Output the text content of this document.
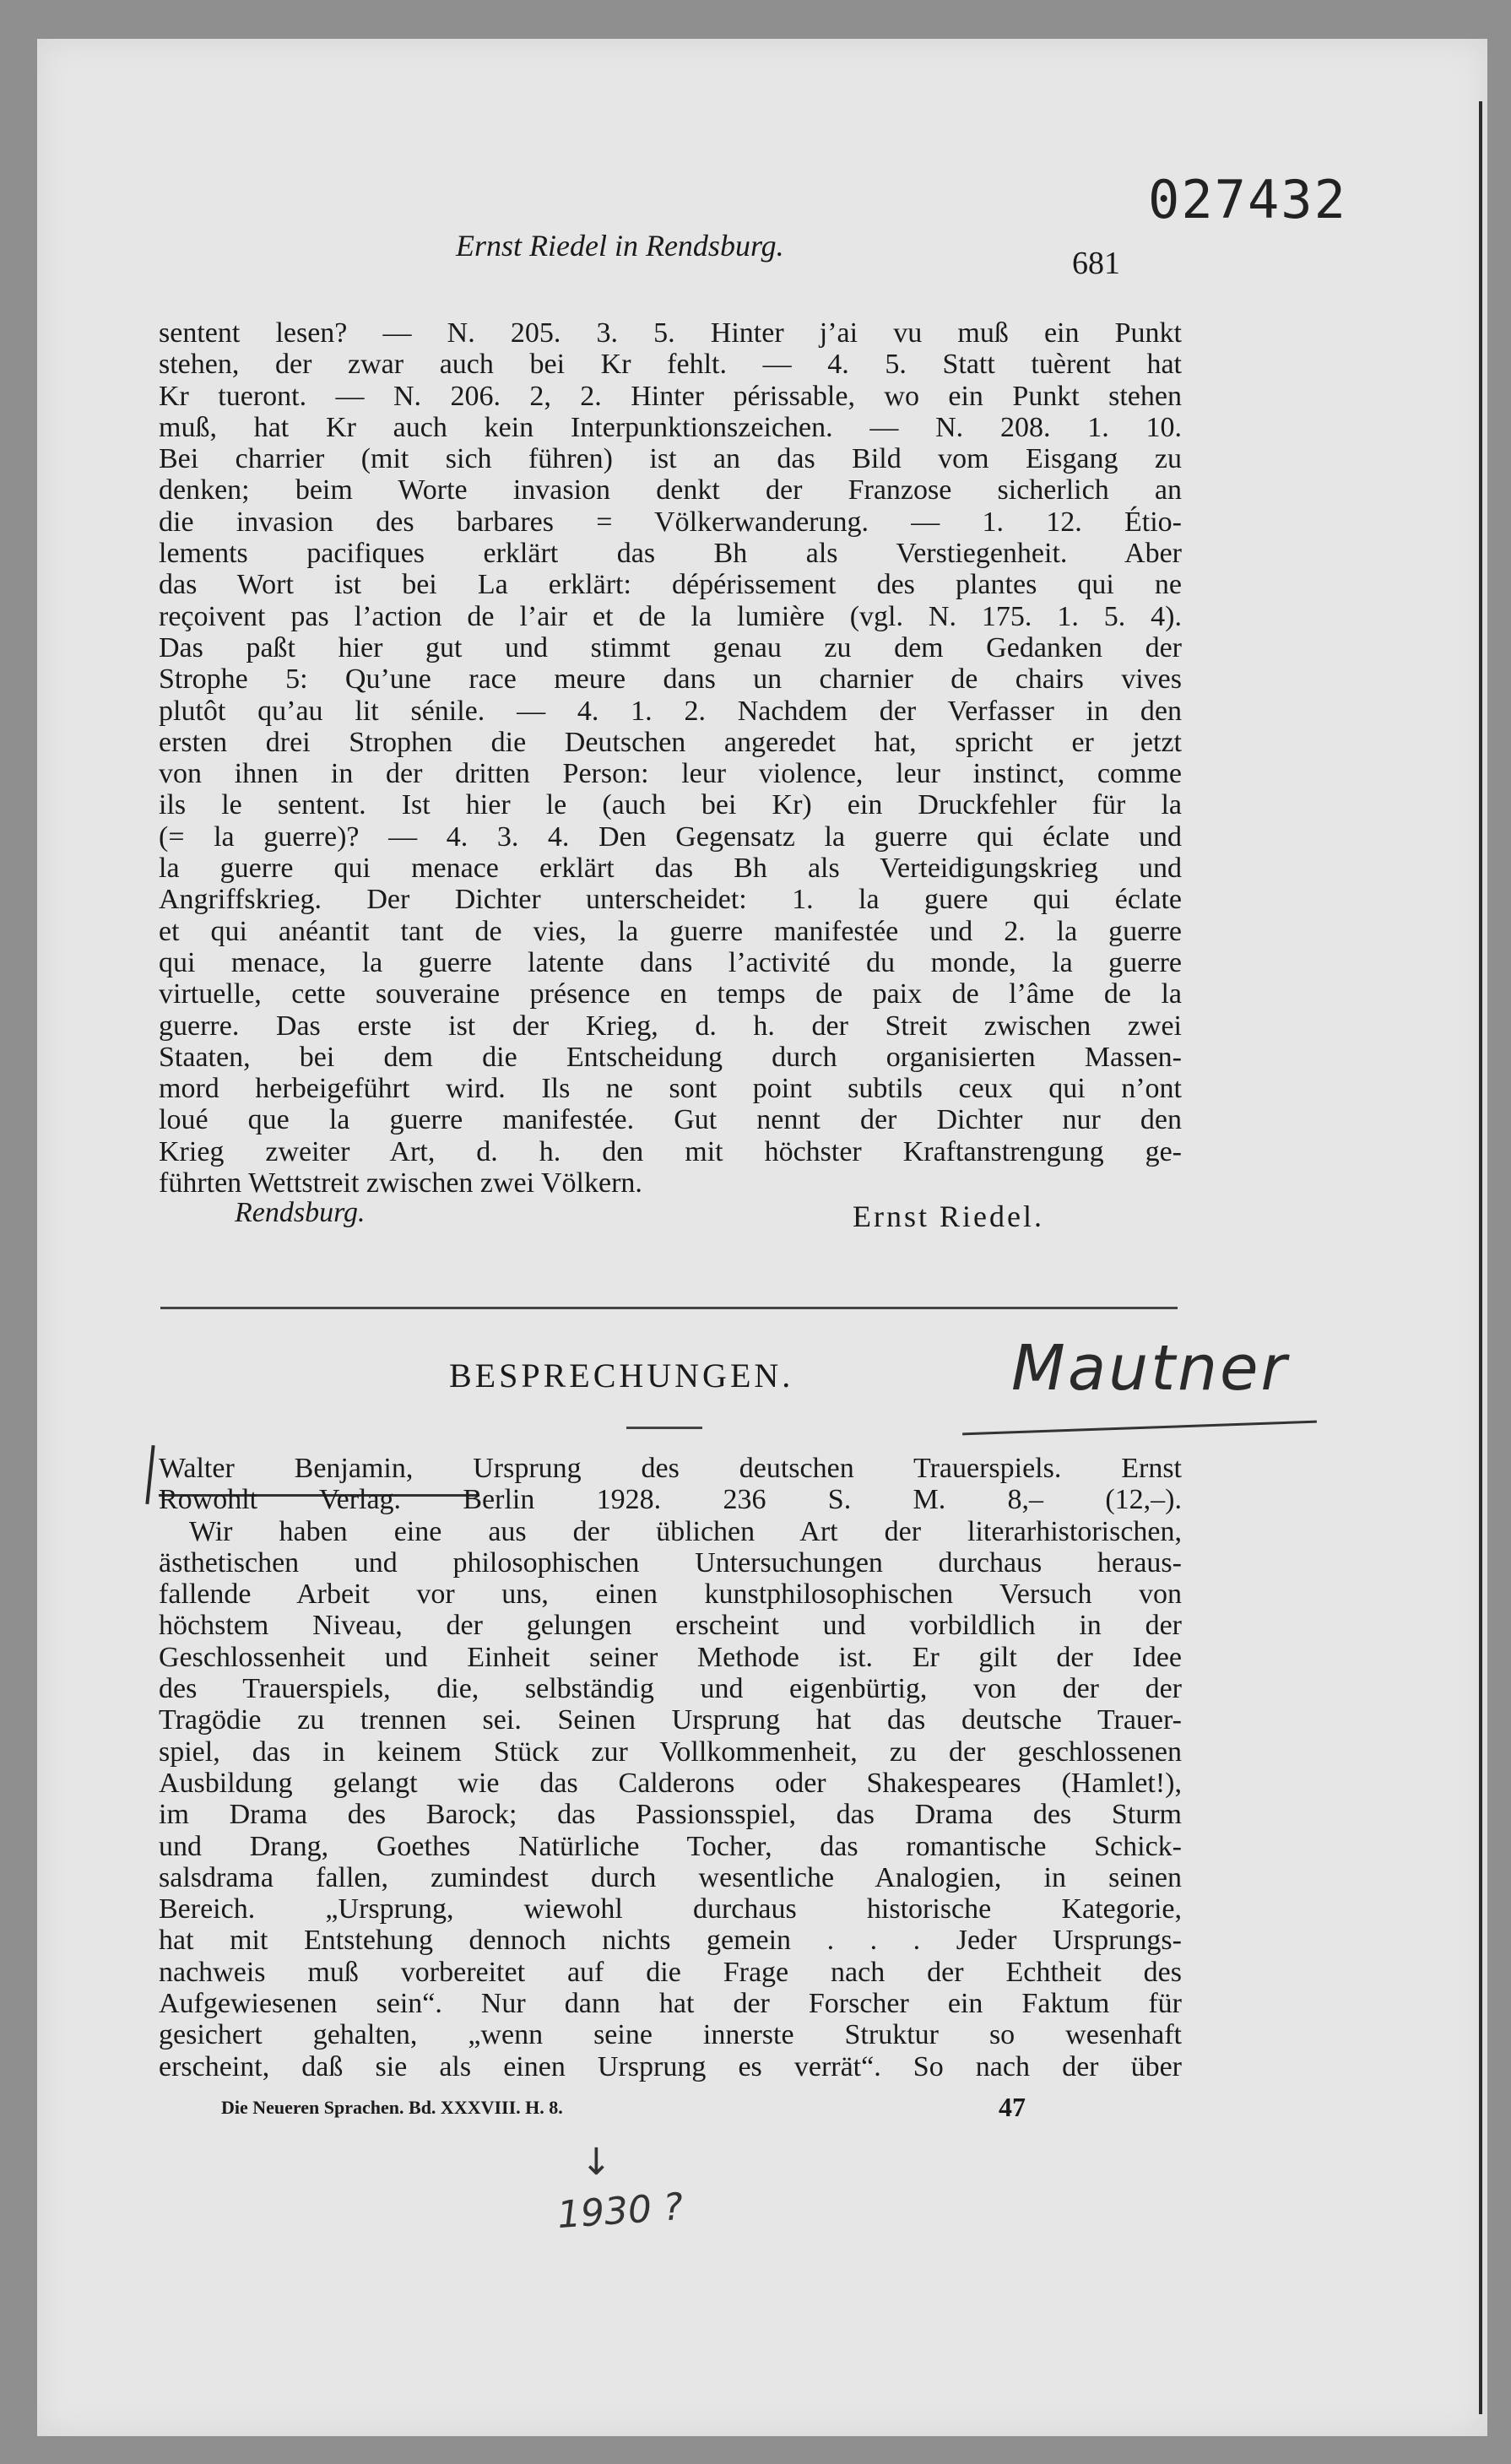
027432
Ernst Riedel in Rendsburg.	681

sentent lesen? — N. 205. 3. 5. Hinter j’ai vu muß ein Punkt

stehen, der zwar auch bei Kr fehlt. — 4. 5. Statt tuèrent hat

Kr tueront. — N. 206. 2, 2. Hinter périssable, wo ein Punkt stehen

muß, hat Kr auch kein Interpunktionszeichen. — N. 208. 1. 10.

Bei charrier (mit sich führen) ist an das Bild vom Eisgang zu

denken; beim Worte invasion denkt der Franzose sicherlich an

die invasion des barbares = Völkerwanderung. — 1. 12. Étio-

lements pacifiques erklärt das Bh als Verstiegenheit. Aber

das Wort ist bei La erklärt: dépérissement des plantes qui ne

reçoivent pas l’action de l’air et de la lumière (vgl. N. 175. 1. 5. 4).

Das paßt hier gut und stimmt genau zu dem Gedanken der

Strophe 5: Qu’une race meure dans un charnier de chairs vives

plutôt qu’au lit sénile. — 4. 1. 2. Nachdem der Verfasser in den

ersten drei Strophen die Deutschen angeredet hat, spricht er jetzt

von ihnen in der dritten Person: leur violence, leur instinct, comme

ils le sentent. Ist hier le (auch bei Kr) ein Druckfehler für la

(= la guerre)? — 4. 3. 4. Den Gegensatz la guerre qui éclate und

la guerre qui menace erklärt das Bh als Verteidigungskrieg und

Angriffskrieg. Der Dichter unterscheidet: 1. la guere qui éclate

et qui anéantit tant de vies, la guerre manifestée und 2. la guerre

qui menace, la guerre latente dans l’activité du monde, la guerre

virtuelle, cette souveraine présence en temps de paix de l’âme de la

guerre. Das erste ist der Krieg, d. h. der Streit zwischen zwei

Staaten, bei dem die Entscheidung durch organisierten Massen-

mord herbeigeführt wird. Ils ne sont point subtils ceux qui n’ont

loué que la guerre manifestée. Gut nennt der Dichter nur den

Krieg zweiter Art, d. h. den mit höchster Kraftanstrengung ge-

führten Wettstreit zwischen zwei Völkern.

Rendsburg.	Ernst Riedel.
BESPRECHUNGEN.	Mautner

Walter Benjamin, Ursprung des deutschen Trauerspiels. Ernst

Rowohlt Verlag. Berlin 1928. 236 S. M. 8,– (12,–).

Wir haben eine aus der üblichen Art der literarhistorischen,

ästhetischen und philosophischen Untersuchungen durchaus heraus-

fallende Arbeit vor uns, einen kunstphilosophischen Versuch von

höchstem Niveau, der gelungen erscheint und vorbildlich in der

Geschlossenheit und Einheit seiner Methode ist. Er gilt der Idee

des Trauerspiels, die, selbständig und eigenbürtig, von der der

Tragödie zu trennen sei. Seinen Ursprung hat das deutsche Trauer-

spiel, das in keinem Stück zur Vollkommenheit, zu der geschlossenen

Ausbildung gelangt wie das Calderons oder Shakespeares (Hamlet!),

im Drama des Barock; das Passionsspiel, das Drama des Sturm

und Drang, Goethes Natürliche Tocher, das romantische Schick-

salsdrama fallen, zumindest durch wesentliche Analogien, in seinen

Bereich. „Ursprung, wiewohl durchaus historische Kategorie,

hat mit Entstehung dennoch nichts gemein . . . Jeder Ursprungs-

nachweis muß vorbereitet auf die Frage nach der Echtheit des

Aufgewiesenen sein“. Nur dann hat der Forscher ein Faktum für

gesichert gehalten, „wenn seine innerste Struktur so wesenhaft

erscheint, daß sie als einen Ursprung es verrät“. So nach der über

Die Neueren Sprachen. Bd. XXXVIII. H. 8.	47
↓
1930 ?
